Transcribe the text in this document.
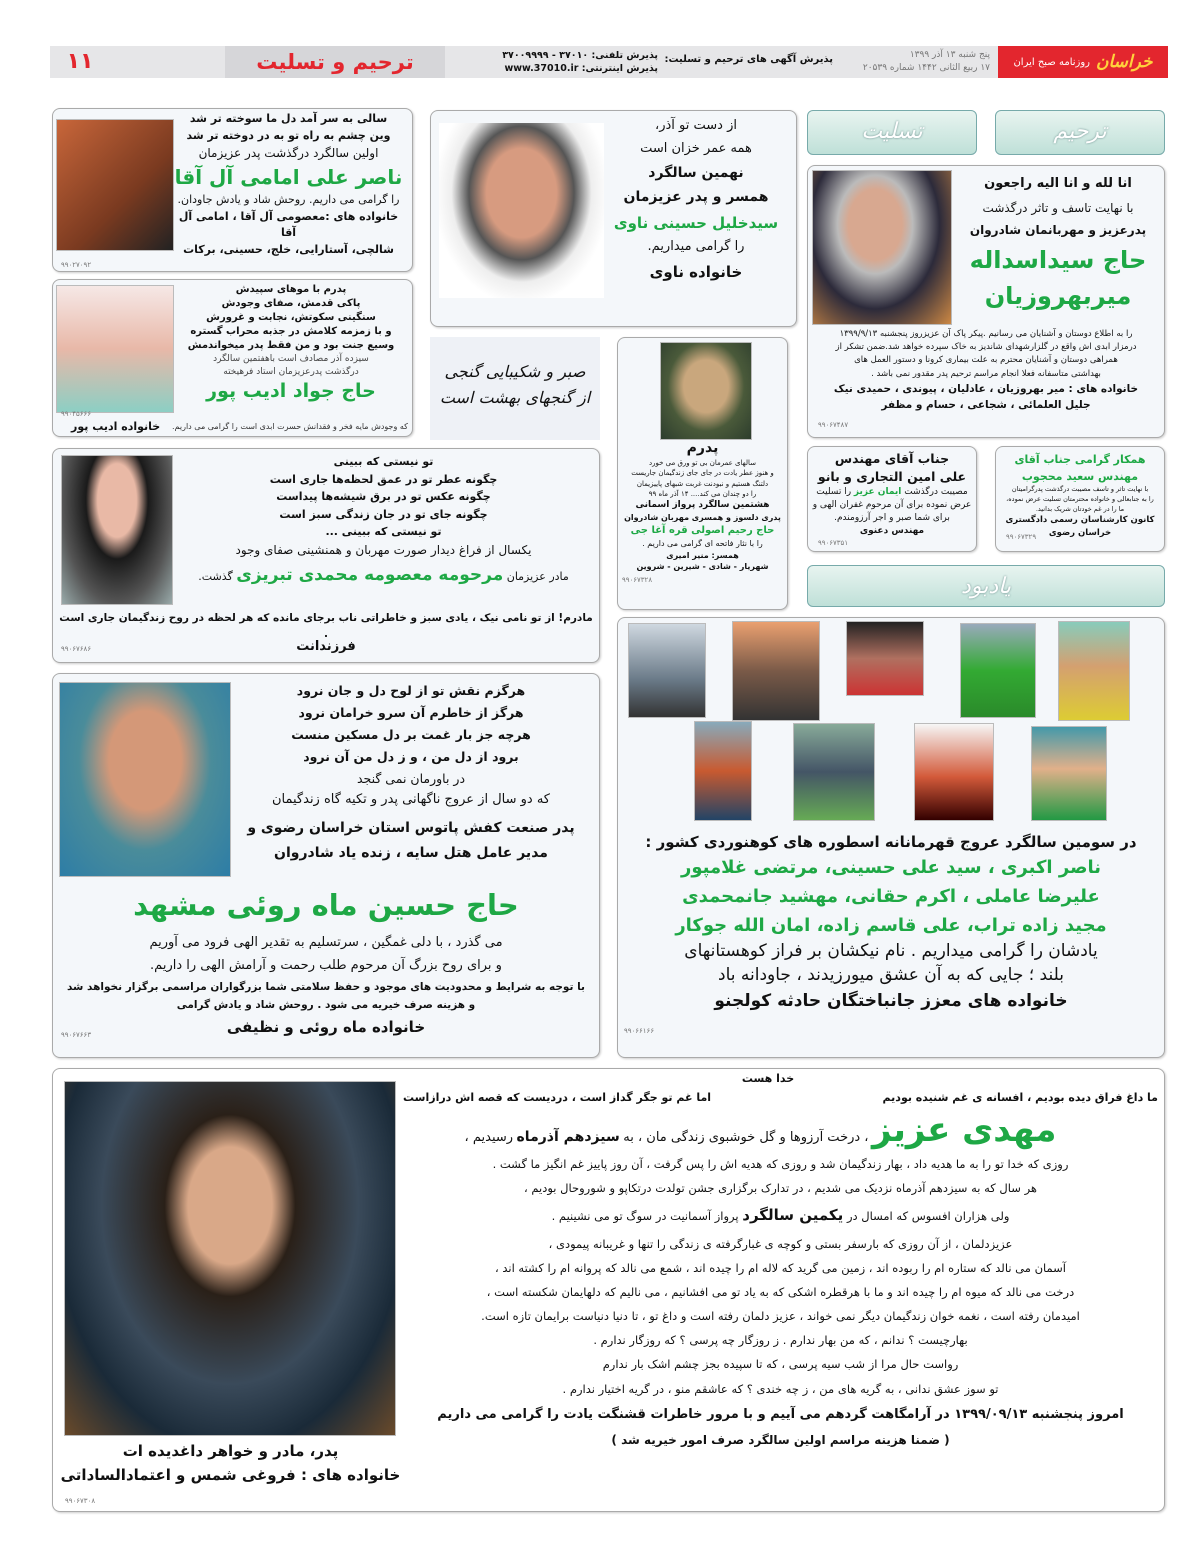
خراسان
روزنامه صبح ایران
پنج شنبه ۱۳ آذر ۱۳۹۹
۱۷ ربیع الثانی ۱۴۴۲ شماره ۲۰۵۳۹
پذیرش آگهی های ترحیم و تسلیت:
پذیرش تلفنی: ۳۷۰۱۰ - ۳۷۰۰۹۹۹۹
پذیرش اینترنتی: www.37010.ir
ترحیم و تسلیت
۱۱
سالی به سر آمد دل ما سوخته تر شد
وین چشم به راه تو به در دوخته تر شد
اولین سالگرد درگذشت پدر عزیزمان
ناصر علی امامی آل آقا
را گرامی می داریم. روحش شاد و یادش جاودان.
خانواده های :معصومی آل آقا ، امامی آل آقا
شالچی، آستارایی، خلج، حسینی، برکات
۹۹۰۲۷۰۹۲
پدرم با موهای سپیدش
پاکی قدمش، صفای وجودش
سنگینی سکوتش، نجابت و غرورش
و با زمزمه کلامش در جذبه محراب گستره
وسیع جنت بود و من فقط پدر میخواندمش
سیزده آذر مصادف است باهفتمین سالگرد
درگذشت پدرعزیزمان استاد فرهیخته
حاج جواد ادیب پور
که وجودش مایه فخر و فقدانش حسرت ابدی است را گرامی می داریم.
خانواده ادیب پور
۹۹۰۴۵۶۶۶
از دست تو آذر،
همه عمر خزان است
نهمین سالگرد
همسر و پدر عزیزمان
سیدخلیل حسینی ناوی
را گرامی میداریم.
خانواده ناوی
صبر و شکیبایی گنجی
از گنجهای بهشت است
پدرم
سالهای عمرمان بی تو ورق می خورد
و هنوز عطر یادت در جای جای زندگیمان جاریست
دلتنگ هستیم و نبودنت غربت شبهای پاییزیمان
را دو چندان می کند.... ۱۴ آذر ماه ۹۹
هشتمین سالگرد پرواز اسمانی
پدری دلسوز و همسری مهربان شادروان
حاج رحیم اصولی قره آغا جی
را با نثار فاتحه ای گرامی می داریم .
همسر: منیر امیری
شهریار - شادی - شیرین - شروین
۹۹۰۶۷۳۲۸
تو نیستی که ببینی
چگونه عطر تو در عمق لحظه‌ها جاری است
چگونه عکس تو در برق شیشه‌ها پیداست
چگونه جای تو در جان زندگی سبز است
تو نیستی که ببینی ...
یکسال از فراغ دیدار صورت مهربان و همنشینی صفای وجود
مادر عزیزمان مرحومه معصومه محمدی تبریزی گذشت.
مادرم! از تو نامی نیک ، یادی سبز و خاطراتی ناب برجای مانده که هر لحظه در روح زندگیمان جاری است .
فرزندانت
۹۹۰۶۷۶۸۶
هرگزم نقش تو از لوح دل و جان نرود
هرگز از خاطرم آن سرو خرامان نرود
هرچه جز بار غمت بر دل مسکین منست
برود از دل من ، و ز دل من آن نرود
در باورمان نمی گنجد
که دو سال از عروج ناگهانی پدر و تکیه گاه زندگیمان
پدر صنعت کفش پاتوس استان خراسان رضوی و
مدیر عامل هتل سایه ، زنده یاد شادروان
حاج حسین ماه روئی مشهد
می گذرد ، با دلی غمگین ، سرتسلیم به تقدیر الهی فرود می آوریم
و برای روح بزرگ آن مرحوم طلب رحمت و آرامش الهی را داریم.
با توجه به شرایط و محدودیت های موجود و حفظ سلامتی شما بزرگواران مراسمی برگزار نخواهد شد
و هزینه صرف خیریه می شود . روحش شاد و یادش گرامی
خانواده ماه روئی و نظیفی
۹۹۰۶۷۶۶۳
ترحیم
تسلیت
انا لله و انا الیه راجعون
با نهایت تاسف و تاثر درگذشت
پدرعزیز و مهربانمان شادروان
حاج سیداسداله
میربهروزیان
را به اطلاع دوستان و آشنایان می رسانیم .پیکر پاک آن عزیزروز پنجشنبه ۱۳۹۹/۹/۱۳
درمزار ابدی اش واقع در گلزارشهدای شاندیز به خاک سپرده خواهد شد.ضمن تشکر از
همراهی دوستان و آشنایان محترم به علت بیماری کرونا و دستور العمل های
بهداشتی متاسفانه فعلا انجام مراسم ترحیم پدر مقدور نمی باشد .
خانواده های : میر بهروزیان ، عادلیان ، پیوندی ، حمیدی نیک
جلیل العلمائی ، شجاعی ، حسام و مظفر
۹۹۰۶۷۴۸۷
جناب آقای مهندس
علی امین التجاری و بانو
مصیبت درگذشت ایمان عزیز را تسلیت
عرض نموده برای آن مرحوم غفران الهی و
برای شما صبر و اجر آرزومندم.
مهندس دعنوی
۹۹۰۶۷۳۵۱
همکار گرامی جناب آقای
مهندس سعید محجوب
با نهایت تاثر و تاسف مصیبت درگذشت پدرگرامیتان
را به جنابعالی و خانواده محترمتان تسلیت عرض نموده،
ما را در غم خودتان شریک بدانید.
کانون کارشناسان رسمی دادگستری
خراسان رضوی
۹۹۰۶۷۳۲۹
یادبود
در سومین سالگرد عروج قهرمانانه اسطوره های کوهنوردی کشور :
ناصر اکبری ، سید علی حسینی، مرتضی غلامپور
علیرضا عاملی ، اکرم حقانی، مهشید جانمحمدی
مجید زاده تراب، علی قاسم زاده، امان الله جوکار
یادشان را گرامی میداریم . نام نیکشان بر فراز کوهستانهای
بلند ؛ جایی که به آن عشق میورزیدند ، جاودانه باد
خانواده های معزز جانباختگان حادثه کولجنو
۹۹۰۶۶۱۶۶
پدر، مادر و خواهر داغدیده ات
خانواده های : فروغی شمس و اعتمادالساداتی
۹۹۰۶۷۳۰۸
خدا هست
ما داغ فراق دیده بودیم ، افسانه ی غم شنیده بودیم
اما غم تو جگر گداز است ، دردیست که قصه اش درازاست
مهدی عزیز ، درخت آرزوها و گل خوشبوی زندگی مان ، به سیزدهم آذرماه رسیدیم ،
روزی که خدا تو را به ما هدیه داد ، بهار زندگیمان شد و روزی که هدیه اش را پس گرفت ، آن روز پاییز غم انگیز ما گشت .
هر سال که به سیزدهم آذرماه نزدیک می شدیم ، در تدارک برگزاری جشن تولدت درتکاپو و شوروحال بودیم ،
ولی هزاران افسوس که امسال در یکمین سالگرد پرواز آسمانیت در سوگ تو می نشینیم .
عزیزدلمان ، از آن روزی که بارسفر بستی و کوچه ی غبارگرفته ی زندگی را تنها و غریبانه پیمودی ،
آسمان می نالد که ستاره ام را ربوده اند ، زمین می گرید که لاله ام را چیده اند ، شمع می نالد که پروانه ام را کشته اند ،
درخت می نالد که میوه ام را چیده اند و ما با هرقطره اشکی که به یاد تو می افشانیم ، می نالیم که دلهایمان شکسته است ،
امیدمان رفته است ، نغمه خوان زندگیمان دیگر نمی خواند ، عزیز دلمان رفته است و داغ تو ، تا دنیا دنیاست برایمان تازه است.
بهارچیست ؟ ندانم ، که من بهار ندارم . ز روزگار چه پرسی ؟ که روزگار ندارم .
رواست حال مرا از شب سیه پرسی ، که تا سپیده بجز چشم اشک بار ندارم
تو سوز عشق ندانی ، به گریه های من ، ز چه خندی ؟ که عاشقم منو ، در گریه اختیار ندارم .
امروز پنجشنبه ۱۳۹۹/۰۹/۱۳ در آرامگاهت گردهم می آییم و با مرور خاطرات قشنگت یادت را گرامی می داریم
( ضمنا هزینه مراسم اولین سالگرد صرف امور خیریه شد )
